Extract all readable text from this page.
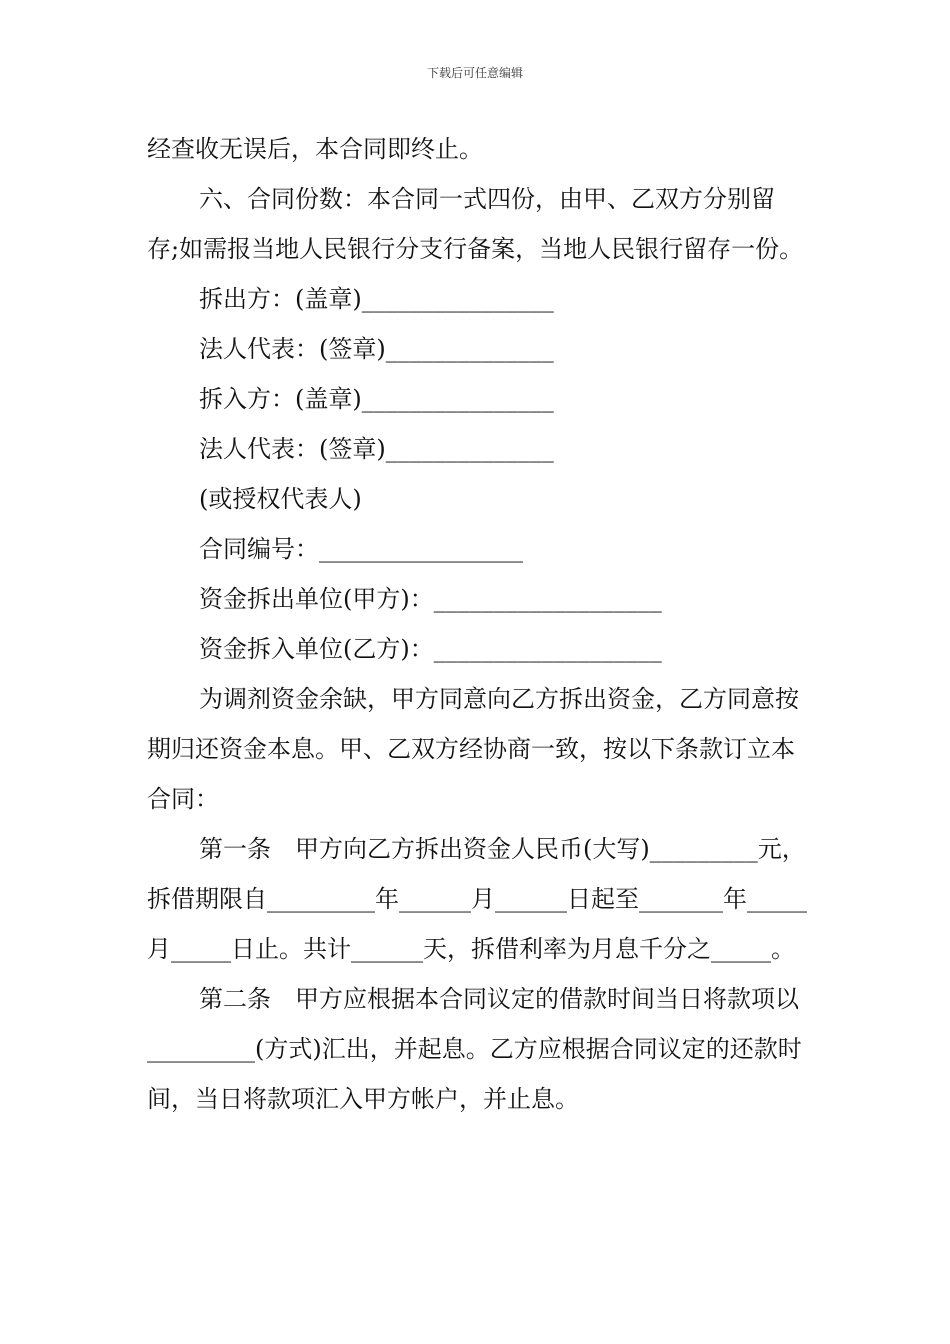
下载后可任意编辑

经查收无误后，本合同即终止。

六、合同份数：本合同一式四份，由甲、乙双方分别留存;如需报当地人民银行分支行备案，当地人民银行留存一份。

拆出方：(盖章)________________

法人代表：(签章)______________

拆入方：(盖章)________________

法人代表：(签章)______________

(或授权代表人)

合同编号：_________________

资金拆出单位(甲方)：___________________

资金拆入单位(乙方)：___________________

为调剂资金余缺，甲方同意向乙方拆出资金，乙方同意按期归还资金本息。甲、乙双方经协商一致，按以下条款订立本合同：

第一条　甲方向乙方拆出资金人民币(大写)_________元，拆借期限自_________年______月______日起至_______年_____月_____日止。共计______天，拆借利率为月息千分之_____。

第二条　甲方应根据本合同议定的借款时间当日将款项以_________(方式)汇出，并起息。乙方应根据合同议定的还款时间，当日将款项汇入甲方帐户，并止息。
